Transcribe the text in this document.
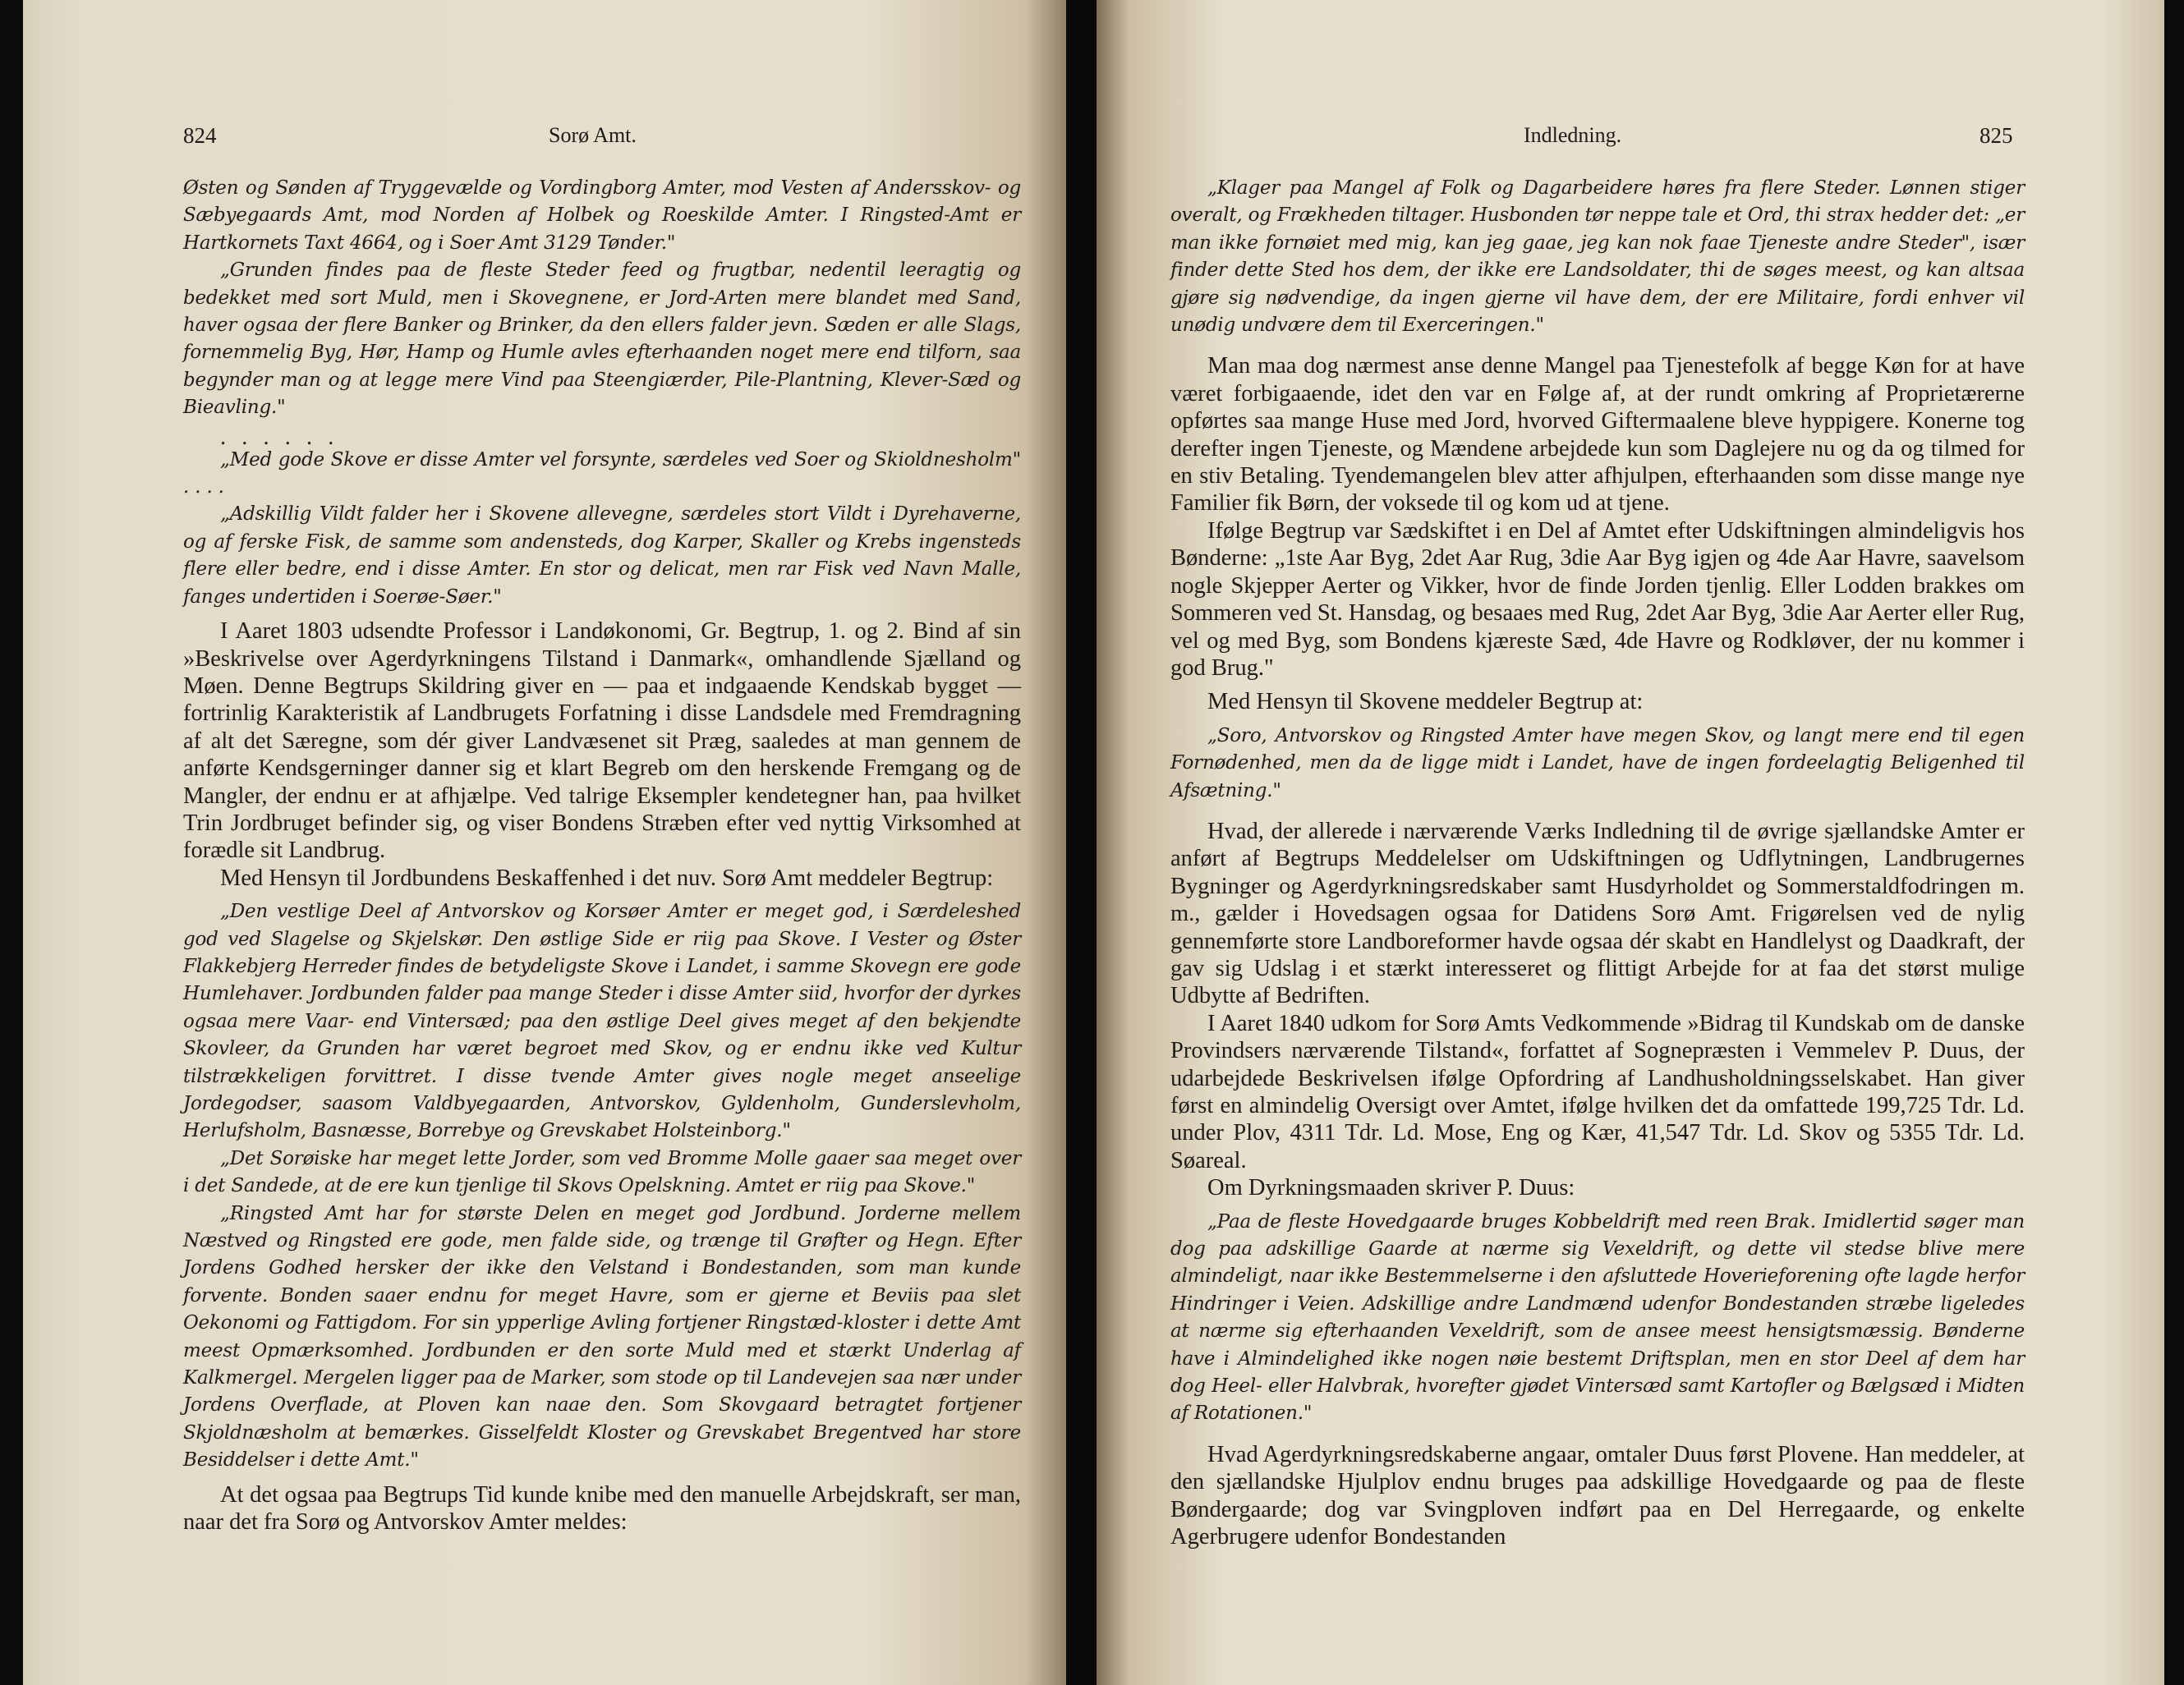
824	Sorø Amt.

Østen og Sønden af Tryggevælde og Vordingborg Amter, mod Vesten af Andersskov- og Sæbyegaards Amt, mod Norden af Holbek og Roeskilde Amter. I Ringsted-Amt er Hartkornets Taxt 4664, og i Soer Amt 3129 Tønder."

„Grunden findes paa de fleste Steder feed og frugtbar, nedentil leeragtig og bedekket med sort Muld, men i Skovegnene, er Jord-Arten mere blandet med Sand, haver ogsaa der flere Banker og Brinker, da den ellers falder jevn. Sæden er alle Slags, fornemmelig Byg, Hør, Hamp og Humle avles efterhaanden noget mere end tilforn, saa begynder man og at legge mere Vind paa Steengiærder, Pile-Plantning, Klever-Sæd og Bieavling."

. . . . . .

„Med gode Skove er disse Amter vel forsynte, særdeles ved Soer og Skioldnesholm" . . . .

„Adskillig Vildt falder her i Skovene allevegne, særdeles stort Vildt i Dyrehaverne, og af ferske Fisk, de samme som andensteds, dog Karper, Skaller og Krebs ingensteds flere eller bedre, end i disse Amter. En stor og delicat, men rar Fisk ved Navn Malle, fanges undertiden i Soerøe-Søer."

I Aaret 1803 udsendte Professor i Landøkonomi, Gr. Begtrup, 1. og 2. Bind af sin »Beskrivelse over Agerdyrkningens Tilstand i Danmark«, omhandlende Sjælland og Møen. Denne Begtrups Skildring giver en — paa et indgaaende Kendskab bygget — fortrinlig Karakteristik af Landbrugets Forfatning i disse Landsdele med Fremdragning af alt det Særegne, som dér giver Landvæsenet sit Præg, saaledes at man gennem de anførte Kendsgerninger danner sig et klart Begreb om den herskende Fremgang og de Mangler, der endnu er at afhjælpe. Ved talrige Eksempler kendetegner han, paa hvilket Trin Jordbruget befinder sig, og viser Bondens Stræben efter ved nyttig Virksomhed at forædle sit Landbrug.

Med Hensyn til Jordbundens Beskaffenhed i det nuv. Sorø Amt meddeler Begtrup:

„Den vestlige Deel af Antvorskov og Korsøer Amter er meget god, i Særdeleshed god ved Slagelse og Skjelskør. Den østlige Side er riig paa Skove. I Vester og Øster Flakkebjerg Herreder findes de betydeligste Skove i Landet, i samme Skovegn ere gode Humlehaver. Jordbunden falder paa mange Steder i disse Amter siid, hvorfor der dyrkes ogsaa mere Vaar- end Vintersæd; paa den østlige Deel gives meget af den bekjendte Skovleer, da Grunden har været begroet med Skov, og er endnu ikke ved Kultur tilstrækkeligen forvittret. I disse tvende Amter gives nogle meget anseelige Jordegodser, saasom Valdbyegaarden, Antvorskov, Gyldenholm, Gunderslevholm, Herlufsholm, Basnæsse, Borrebye og Grevskabet Holsteinborg."

„Det Sorøiske har meget lette Jorder, som ved Bromme Molle gaaer saa meget over i det Sandede, at de ere kun tjenlige til Skovs Opelskning. Amtet er riig paa Skove."

„Ringsted Amt har for største Delen en meget god Jordbund. Jorderne mellem Næstved og Ringsted ere gode, men falde side, og trænge til Grøfter og Hegn. Efter Jordens Godhed hersker der ikke den Velstand i Bondestanden, som man kunde forvente. Bonden saaer endnu for meget Havre, som er gjerne et Beviis paa slet Oekonomi og Fattigdom. For sin ypperlige Avling fortjener Ringstæd-kloster i dette Amt meest Opmærksomhed. Jordbunden er den sorte Muld med et stærkt Underlag af Kalkmergel. Mergelen ligger paa de Marker, som stode op til Landevejen saa nær under Jordens Overflade, at Ploven kan naae den. Som Skovgaard betragtet fortjener Skjoldnæsholm at bemærkes. Gisselfeldt Kloster og Grevskabet Bregentved har store Besiddelser i dette Amt."

At det ogsaa paa Begtrups Tid kunde knibe med den manuelle Arbejdskraft, ser man, naar det fra Sorø og Antvorskov Amter meldes:

Indledning.	825

„Klager paa Mangel af Folk og Dagarbeidere høres fra flere Steder. Lønnen stiger overalt, og Frækheden tiltager. Husbonden tør neppe tale et Ord, thi strax hedder det: „er man ikke fornøiet med mig, kan jeg gaae, jeg kan nok faae Tjeneste andre Steder", især finder dette Sted hos dem, der ikke ere Landsoldater, thi de søges meest, og kan altsaa gjøre sig nødvendige, da ingen gjerne vil have dem, der ere Militaire, fordi enhver vil unødig undvære dem til Exerceringen."

Man maa dog nærmest anse denne Mangel paa Tjenestefolk af begge Køn for at have været forbigaaende, idet den var en Følge af, at der rundt omkring af Proprietærerne opførtes saa mange Huse med Jord, hvorved Giftermaalene bleve hyppigere. Konerne tog derefter ingen Tjeneste, og Mændene arbejdede kun som Daglejere nu og da og tilmed for en stiv Betaling. Tyendemangelen blev atter afhjulpen, efterhaanden som disse mange nye Familier fik Børn, der voksede til og kom ud at tjene.

Ifølge Begtrup var Sædskiftet i en Del af Amtet efter Udskiftningen almindeligvis hos Bønderne: „1ste Aar Byg, 2det Aar Rug, 3die Aar Byg igjen og 4de Aar Havre, saavelsom nogle Skjepper Aerter og Vikker, hvor de finde Jorden tjenlig. Eller Lodden brakkes om Sommeren ved St. Hansdag, og besaaes med Rug, 2det Aar Byg, 3die Aar Aerter eller Rug, vel og med Byg, som Bondens kjæreste Sæd, 4de Havre og Rodkløver, der nu kommer i god Brug."

Med Hensyn til Skovene meddeler Begtrup at:

„Soro, Antvorskov og Ringsted Amter have megen Skov, og langt mere end til egen Fornødenhed, men da de ligge midt i Landet, have de ingen fordeelagtig Beligenhed til Afsætning."

Hvad, der allerede i nærværende Værks Indledning til de øvrige sjællandske Amter er anført af Begtrups Meddelelser om Udskiftningen og Udflytningen, Landbrugernes Bygninger og Agerdyrkningsredskaber samt Husdyrholdet og Sommerstaldfodringen m. m., gælder i Hovedsagen ogsaa for Datidens Sorø Amt. Frigørelsen ved de nylig gennemførte store Landboreformer havde ogsaa dér skabt en Handlelyst og Daadkraft, der gav sig Udslag i et stærkt interesseret og flittigt Arbejde for at faa det størst mulige Udbytte af Bedriften.

I Aaret 1840 udkom for Sorø Amts Vedkommende »Bidrag til Kundskab om de danske Provindsers nærværende Tilstand«, forfattet af Sognepræsten i Vemmelev P. Duus, der udarbejdede Beskrivelsen ifølge Opfordring af Landhusholdningsselskabet. Han giver først en almindelig Oversigt over Amtet, ifølge hvilken det da omfattede 199,725 Tdr. Ld. under Plov, 4311 Tdr. Ld. Mose, Eng og Kær, 41,547 Tdr. Ld. Skov og 5355 Tdr. Ld. Søareal.

Om Dyrkningsmaaden skriver P. Duus:

„Paa de fleste Hovedgaarde bruges Kobbeldrift med reen Brak. Imidlertid søger man dog paa adskillige Gaarde at nærme sig Vexeldrift, og dette vil stedse blive mere almindeligt, naar ikke Bestemmelserne i den afsluttede Hoverieforening ofte lagde herfor Hindringer i Veien. Adskillige andre Landmænd udenfor Bondestanden stræbe ligeledes at nærme sig efterhaanden Vexeldrift, som de ansee meest hensigtsmæssig. Bønderne have i Almindelighed ikke nogen nøie bestemt Driftsplan, men en stor Deel af dem har dog Heel- eller Halvbrak, hvorefter gjødet Vintersæd samt Kartofler og Bælgsæd i Midten af Rotationen."

Hvad Agerdyrkningsredskaberne angaar, omtaler Duus først Plovene. Han meddeler, at den sjællandske Hjulplov endnu bruges paa adskillige Hovedgaarde og paa de fleste Bøndergaarde; dog var Svingploven indført paa en Del Herregaarde, og enkelte Agerbrugere udenfor Bondestanden
